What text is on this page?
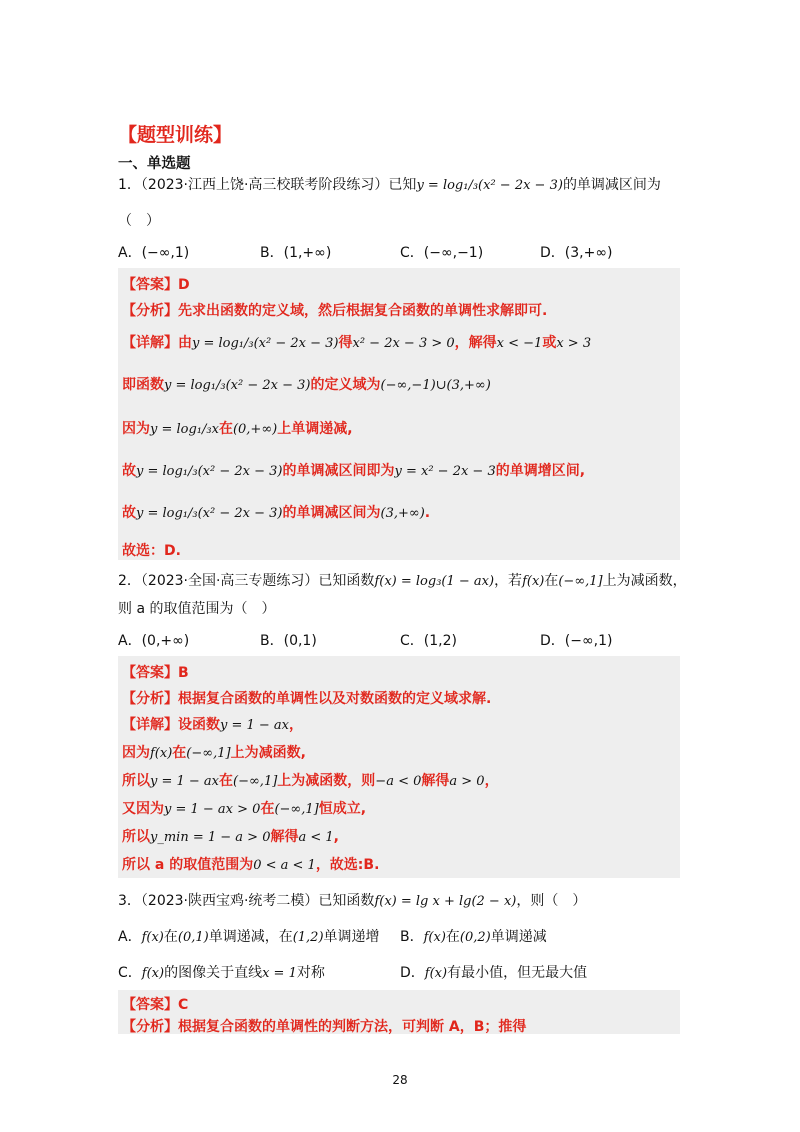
【题型训练】
一、单选题
1．（2023·江西上饶·高三校联考阶段练习）已知y = log₁/₃(x² − 2x − 3)的单调减区间为
（　）
A．(−∞,1)	B．(1,+∞)	C．(−∞,−1)	D．(3,+∞)
【答案】D
【分析】先求出函数的定义域，然后根据复合函数的单调性求解即可.
【详解】由y = log₁/₃(x² − 2x − 3)得x² − 2x − 3 > 0，解得x < −1或x > 3
即函数y = log₁/₃(x² − 2x − 3)的定义域为(−∞,−1)∪(3,+∞)
因为y = log₁/₃x在(0,+∞)上单调递减,
故y = log₁/₃(x² − 2x − 3)的单调减区间即为y = x² − 2x − 3的单调增区间,
故y = log₁/₃(x² − 2x − 3)的单调减区间为(3,+∞).
故选：D.
2．（2023·全国·高三专题练习）已知函数f(x) = log₃(1 − ax)，若f(x)在(−∞,1]上为减函数，
则 a 的取值范围为（　）
A．(0,+∞)	B．(0,1)	C．(1,2)	D．(−∞,1)
【答案】B
【分析】根据复合函数的单调性以及对数函数的定义域求解.
【详解】设函数y = 1 − ax，
因为f(x)在(−∞,1]上为减函数,
所以y = 1 − ax在(−∞,1]上为减函数，则−a < 0解得a > 0，
又因为y = 1 − ax > 0在(−∞,1]恒成立,
所以y_min = 1 − a > 0解得a < 1,
所以 a 的取值范围为0 < a < 1，故选:B.
3．（2023·陕西宝鸡·统考二模）已知函数f(x) = lg x + lg(2 − x)，则（　）
A．f(x)在(0,1)单调递减，在(1,2)单调递增 B．f(x)在(0,2)单调递减
C．f(x)的图像关于直线x = 1对称	D．f(x)有最小值，但无最大值
【答案】C
【分析】根据复合函数的单调性的判断方法，可判断 A，B；推得
28
